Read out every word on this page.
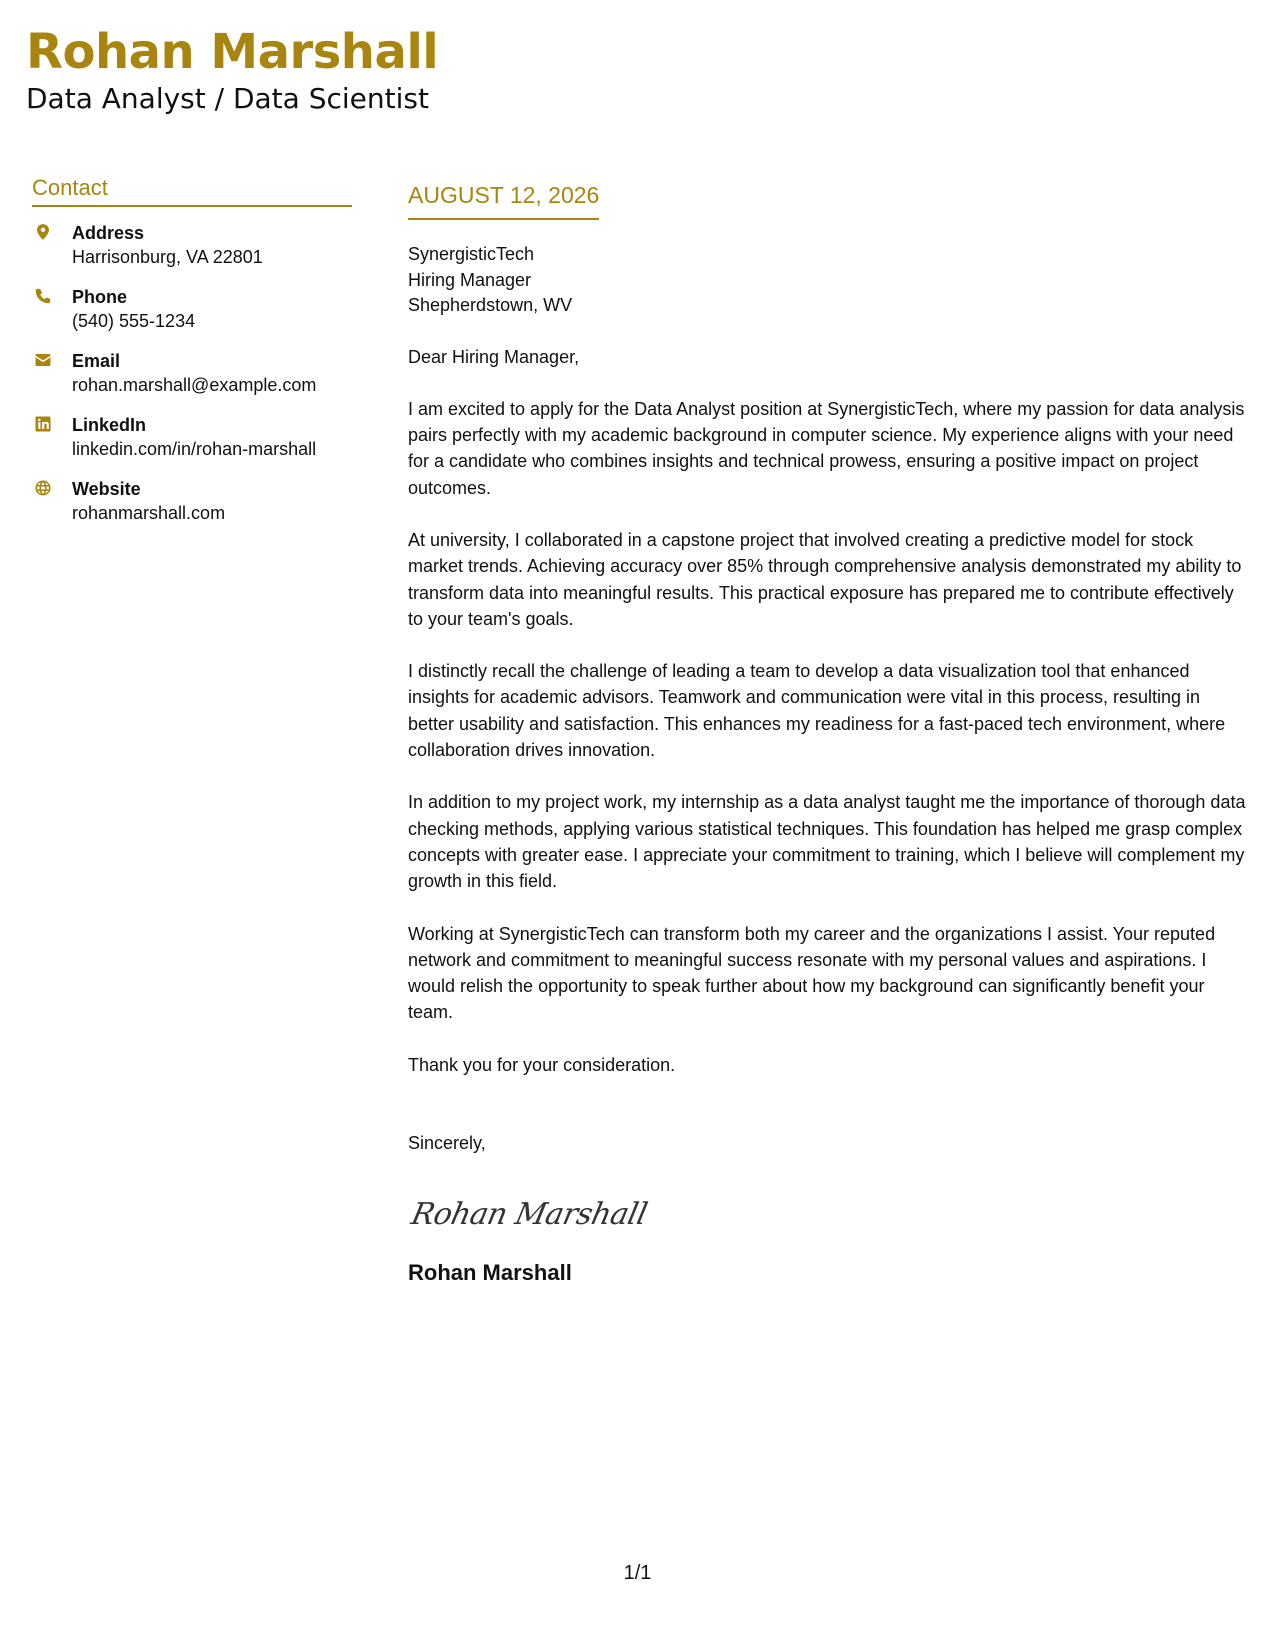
Rohan Marshall
Data Analyst / Data Scientist
Contact
Address
Harrisonburg, VA 22801
Phone
(540) 555-1234
Email
rohan.marshall@example.com
LinkedIn
linkedin.com/in/rohan-marshall
Website
rohanmarshall.com
AUGUST 12, 2026
SynergisticTech
Hiring Manager
Shepherdstown, WV
Dear Hiring Manager,
I am excited to apply for the Data Analyst position at SynergisticTech, where my passion for data analysis pairs perfectly with my academic background in computer science. My experience aligns with your need for a candidate who combines insights and technical prowess, ensuring a positive impact on project outcomes.
At university, I collaborated in a capstone project that involved creating a predictive model for stock market trends. Achieving accuracy over 85% through comprehensive analysis demonstrated my ability to transform data into meaningful results. This practical exposure has prepared me to contribute effectively to your team's goals.
I distinctly recall the challenge of leading a team to develop a data visualization tool that enhanced insights for academic advisors. Teamwork and communication were vital in this process, resulting in better usability and satisfaction. This enhances my readiness for a fast-paced tech environment, where collaboration drives innovation.
In addition to my project work, my internship as a data analyst taught me the importance of thorough data checking methods, applying various statistical techniques. This foundation has helped me grasp complex concepts with greater ease. I appreciate your commitment to training, which I believe will complement my growth in this field.
Working at SynergisticTech can transform both my career and the organizations I assist. Your reputed network and commitment to meaningful success resonate with my personal values and aspirations. I would relish the opportunity to speak further about how my background can significantly benefit your team.
Thank you for your consideration.
Sincerely,
Rohan Marshall
Rohan Marshall
1/1
